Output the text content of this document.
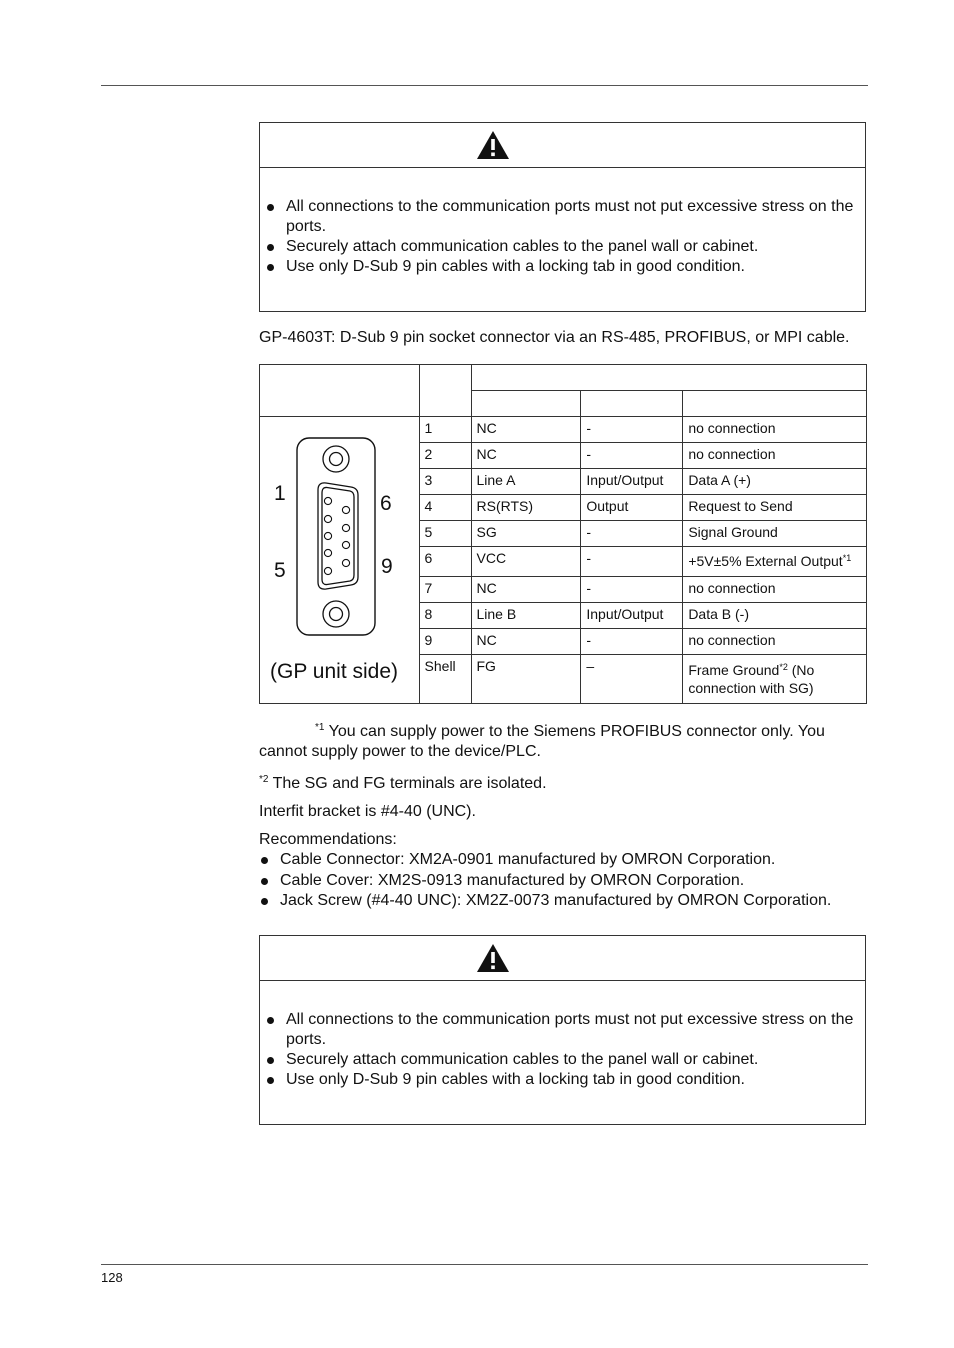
All connections to the communication ports must not put excessive stress on the ports.
Securely attach communication cables to the panel wall or cabinet.
Use only D-Sub 9 pin cables with a locking tab in good condition.
GP-4603T: D-Sub 9 pin socket connector via an RS-485, PROFIBUS, or MPI cable.

1 6
5 9
(GP unit side)	1	NC	-	no connection
	2	NC	-	no connection
	3	Line A	Input/Output	Data A (+)
	4	RS(RTS)	Output	Request to Send
	5	SG	-	Signal Ground
	6	VCC	-	+5V±5% External Output$^{*1}$
	7	NC	-	no connection
	8	Line B	Input/Output	Data B (-)
	9	NC	-	no connection
	Shell	FG	–	Frame Ground$^{*2}$ (No connection with SG)
$^{*1}$ You can supply power to the Siemens PROFIBUS connector only. You cannot supply power to the device/PLC.
$^{*2}$ The SG and FG terminals are isolated.
Interfit bracket is #4-40 (UNC).
Recommendations:
Cable Connector: XM2A-0901 manufactured by OMRON Corporation.
Cable Cover: XM2S-0913 manufactured by OMRON Corporation.
Jack Screw (#4-40 UNC): XM2Z-0073 manufactured by OMRON Corporation.
All connections to the communication ports must not put excessive stress on the ports.
Securely attach communication cables to the panel wall or cabinet.
Use only D-Sub 9 pin cables with a locking tab in good condition.
128
